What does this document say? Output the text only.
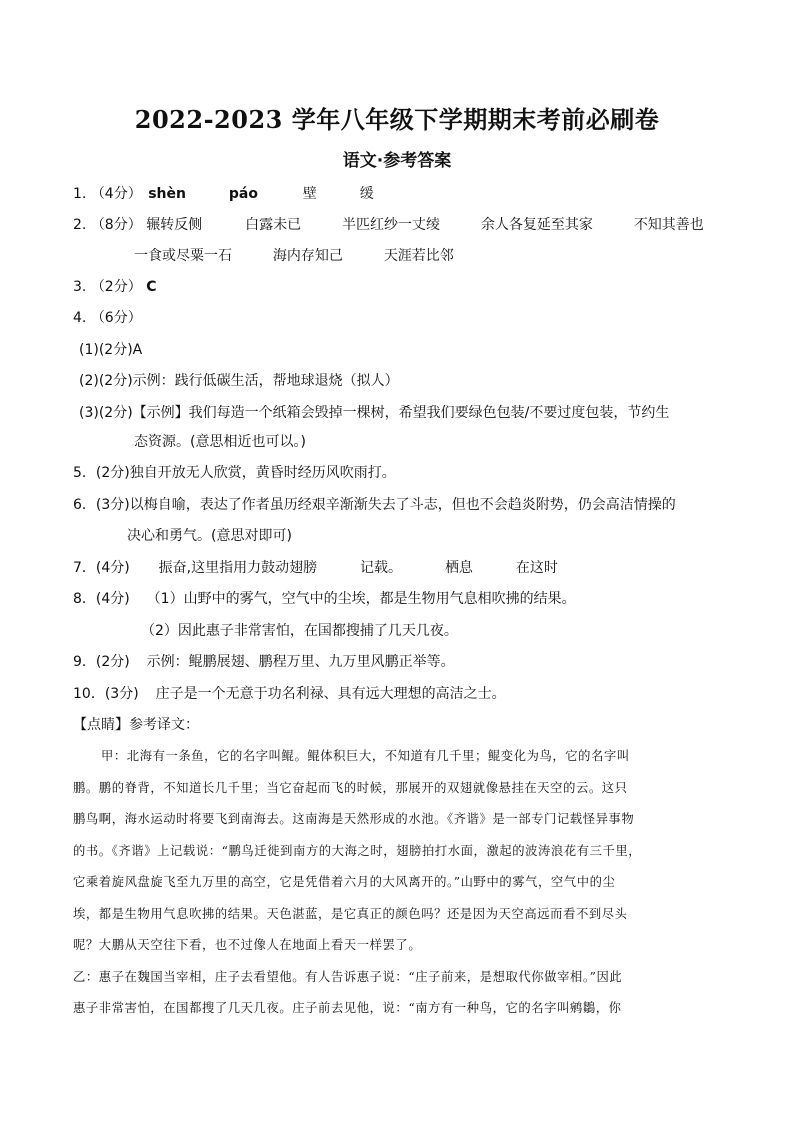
2022-2023 学年八年级下学期期末考前必刷卷
语文·参考答案
1. （4分） shèn	páo	壁	缓
2. （8分） 辗转反侧	白露未已	半匹红纱一丈绫	余人各复延至其家	不知其善也
一食或尽粟一石	海内存知己	天涯若比邻
3. （2分） C
4. （6分）
(1)(2分)A
(2)(2分)示例：践行低碳生活，帮地球退烧（拟人）
(3)(2分)【示例】我们每造一个纸箱会毁掉一棵树，希望我们要绿色包装/不要过度包装，节约生
态资源。(意思相近也可以。)
5．(2分)独自开放无人欣赏，黄昏时经历风吹雨打。
6．(3分)以梅自喻，表达了作者虽历经艰辛渐渐失去了斗志，但也不会趋炎附势，仍会高洁情操的
决心和勇气。(意思对即可)
7．(4分) 振奋,这里指用力鼓动翅膀	记载。	栖息	在这时
8．(4分) （1）山野中的雾气，空气中的尘埃，都是生物用气息相吹拂的结果。
（2）因此惠子非常害怕，在国都搜捕了几天几夜。
9．(2分) 示例：鲲鹏展翅、鹏程万里、九万里风鹏正举等。
10．(3分) 庄子是一个无意于功名利禄、具有远大理想的高洁之士。
【点睛】参考译文：
甲：北海有一条鱼，它的名字叫鲲。鲲体积巨大，不知道有几千里；鲲变化为鸟，它的名字叫
鹏。鹏的脊背，不知道长几千里；当它奋起而飞的时候，那展开的双翅就像悬挂在天空的云。这只
鹏鸟啊，海水运动时将要飞到南海去。这南海是天然形成的水池。《齐谐》是一部专门记载怪异事物
的书。《齐谐》上记载说：“鹏鸟迁徙到南方的大海之时，翅膀拍打水面，激起的波涛浪花有三千里，
它乘着旋风盘旋飞至九万里的高空，它是凭借着六月的大风离开的。”山野中的雾气，空气中的尘
埃，都是生物用气息吹拂的结果。天色湛蓝，是它真正的颜色吗？还是因为天空高远而看不到尽头
呢？大鹏从天空往下看，也不过像人在地面上看天一样罢了。
乙：惠子在魏国当宰相，庄子去看望他。有人告诉惠子说：“庄子前来，是想取代你做宰相。”因此
惠子非常害怕，在国都搜了几天几夜。庄子前去见他，说：“南方有一种鸟，它的名字叫鹓鶵，你
